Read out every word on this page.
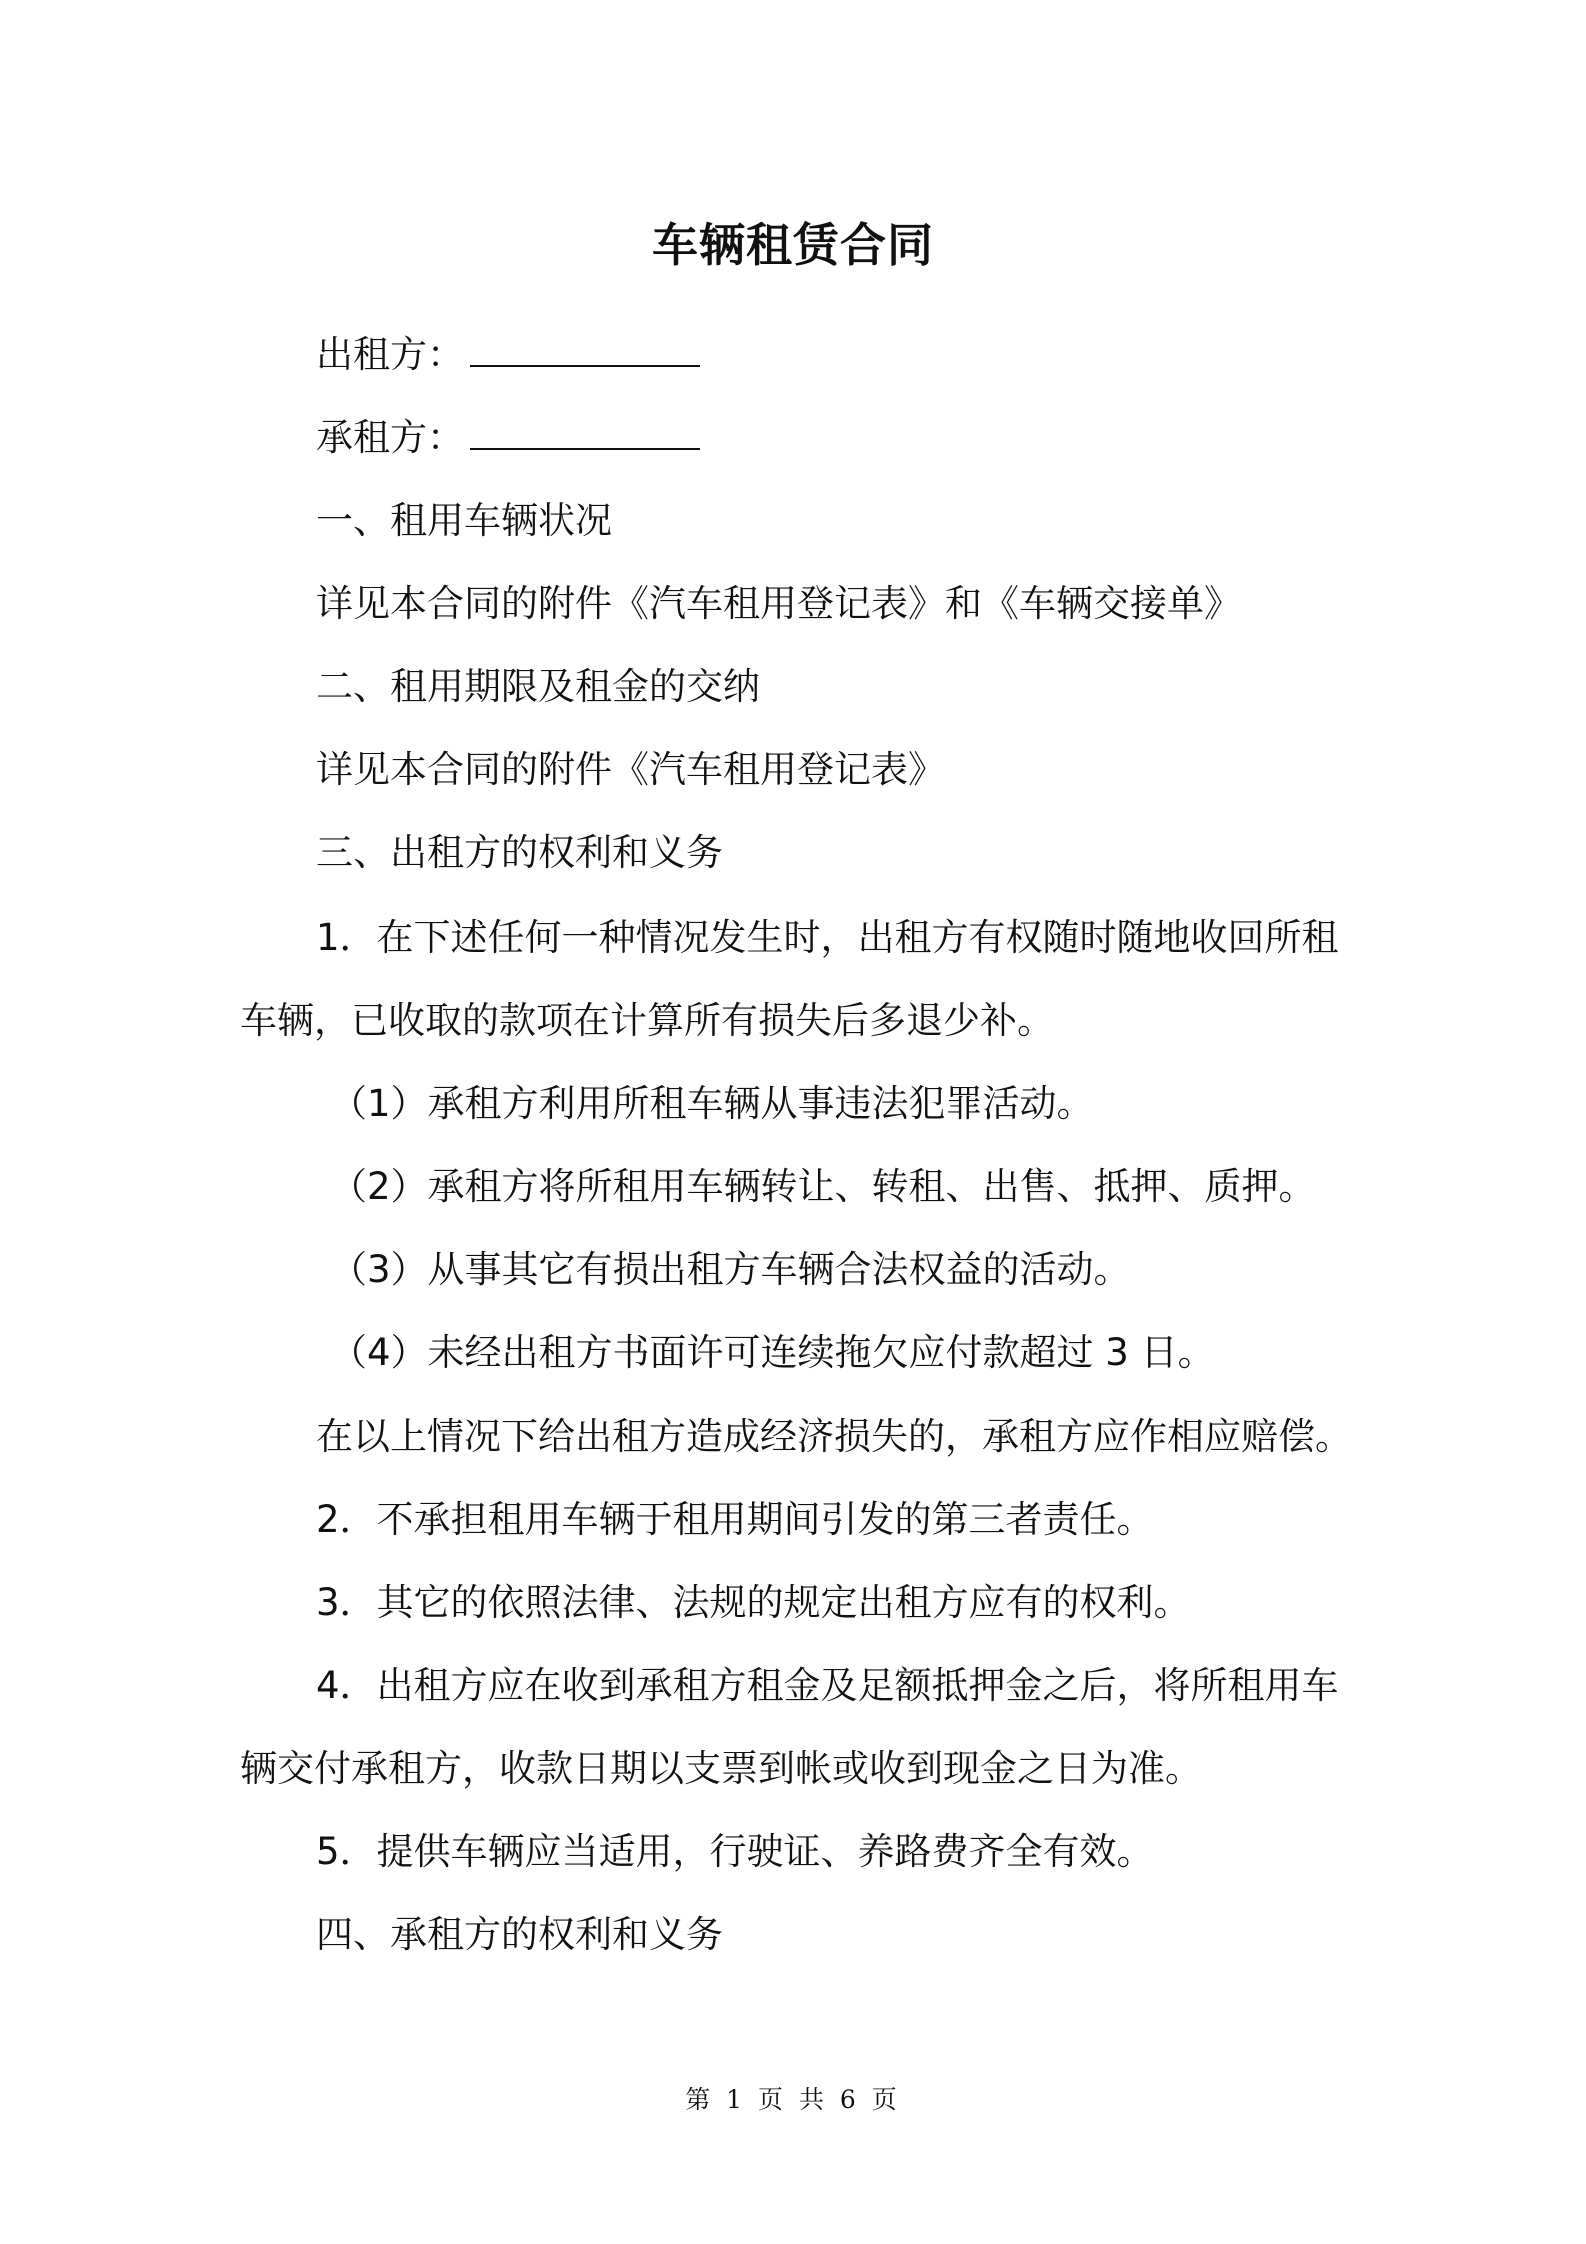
车辆租赁合同
出租方：
承租方：
一、租用车辆状况
详见本合同的附件《汽车租用登记表》和《车辆交接单》
二、租用期限及租金的交纳
详见本合同的附件《汽车租用登记表》
三、出租方的权利和义务
1．在下述任何一种情况发生时，出租方有权随时随地收回所租
车辆，已收取的款项在计算所有损失后多退少补。
（1）承租方利用所租车辆从事违法犯罪活动。
（2）承租方将所租用车辆转让、转租、出售、抵押、质押。
（3）从事其它有损出租方车辆合法权益的活动。
（4）未经出租方书面许可连续拖欠应付款超过 3 日。
在以上情况下给出租方造成经济损失的，承租方应作相应赔偿。
2．不承担租用车辆于租用期间引发的第三者责任。
3．其它的依照法律、法规的规定出租方应有的权利。
4．出租方应在收到承租方租金及足额抵押金之后，将所租用车
辆交付承租方，收款日期以支票到帐或收到现金之日为准。
5．提供车辆应当适用，行驶证、养路费齐全有效。
四、承租方的权利和义务
第 1 页 共 6 页
